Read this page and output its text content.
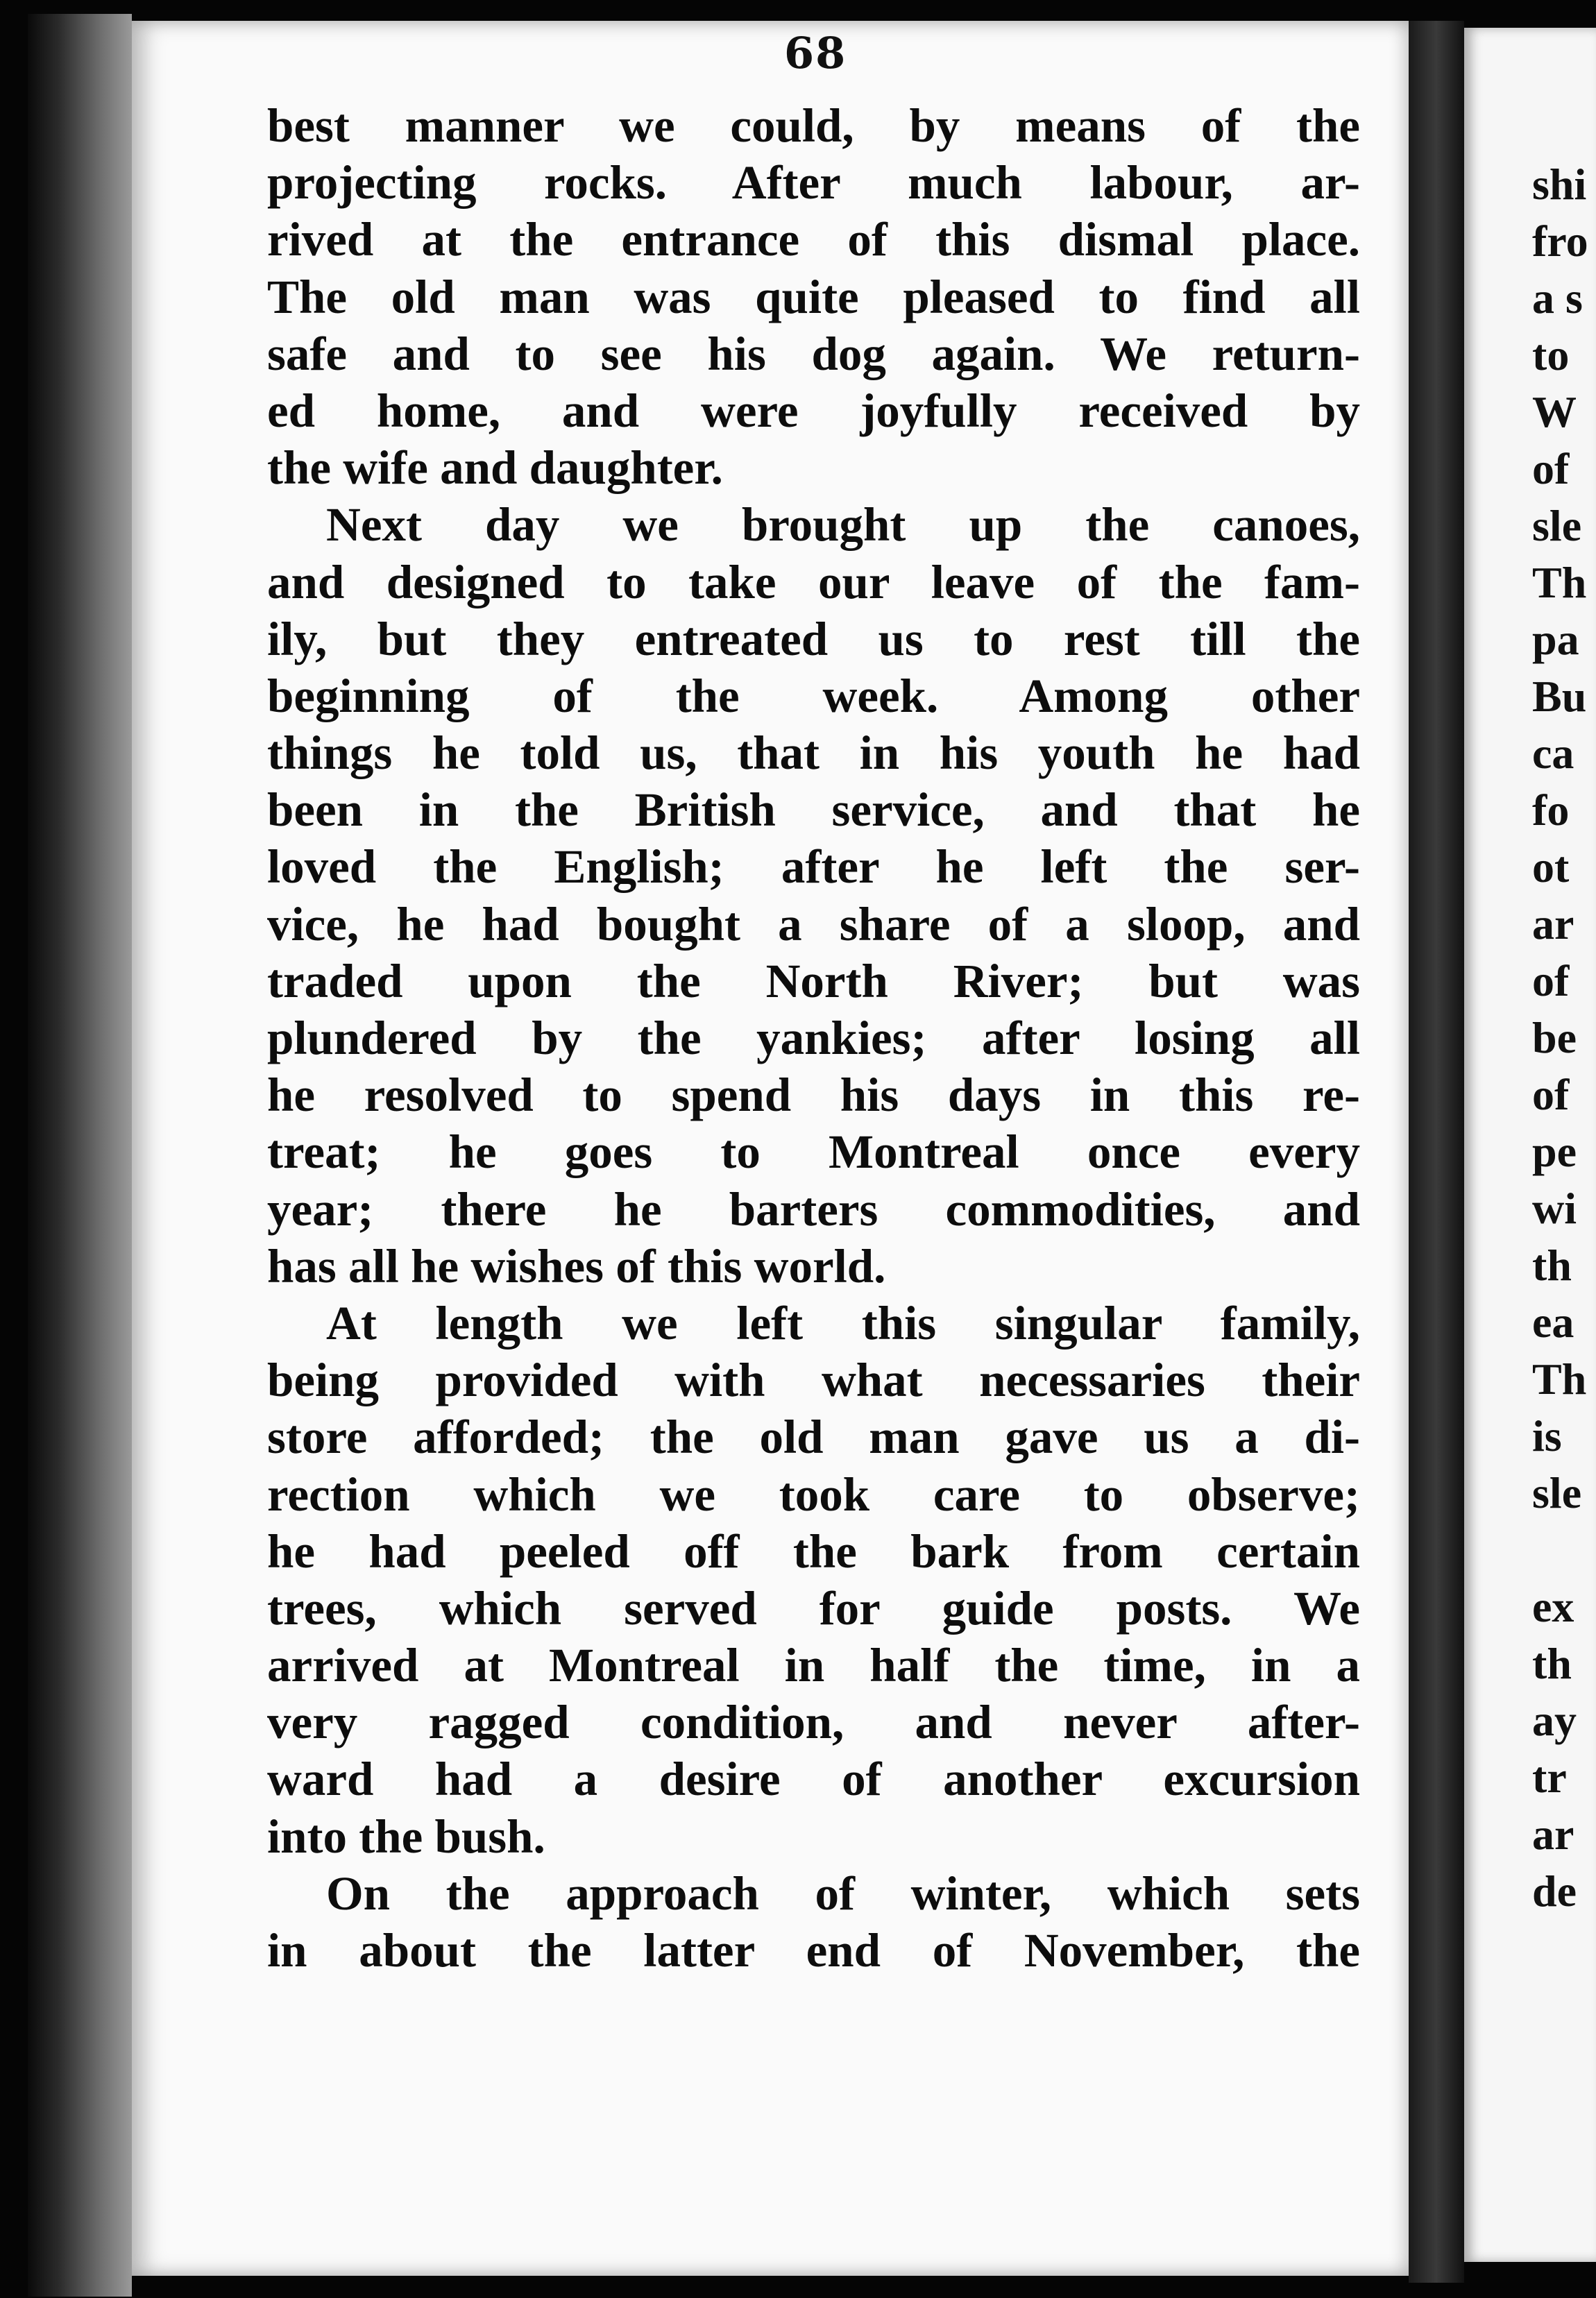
68
best manner we could, by means of the
projecting rocks. After much labour, ar-
rived at the entrance of this dismal place.
The old man was quite pleased to find all
safe and to see his dog again. We return-
ed home, and were joyfully received by
the wife and daughter.
Next day we brought up the canoes,
and designed to take our leave of the fam-
ily, but they entreated us to rest till the
beginning of the week. Among other
things he told us, that in his youth he had
been in the British service, and that he
loved the English; after he left the ser-
vice, he had bought a share of a sloop, and
traded upon the North River; but was
plundered by the yankies; after losing all
he resolved to spend his days in this re-
treat; he goes to Montreal once every
year; there he barters commodities, and
has all he wishes of this world.
At length we left this singular family,
being provided with what necessaries their
store afforded; the old man gave us a di-
rection which we took care to observe;
he had peeled off the bark from certain
trees, which served for guide posts. We
arrived at Montreal in half the time, in a
very ragged condition, and never after-
ward had a desire of another excursion
into the bush.
On the approach of winter, which sets
in about the latter end of November, the
shi
fro
a s
to
W
of
sle
Th
pa
Bu
ca
fo
ot
ar
of
be
of
pe
wi
th
ea
Th
is
sle
ex
th
ay
tr
ar
de
